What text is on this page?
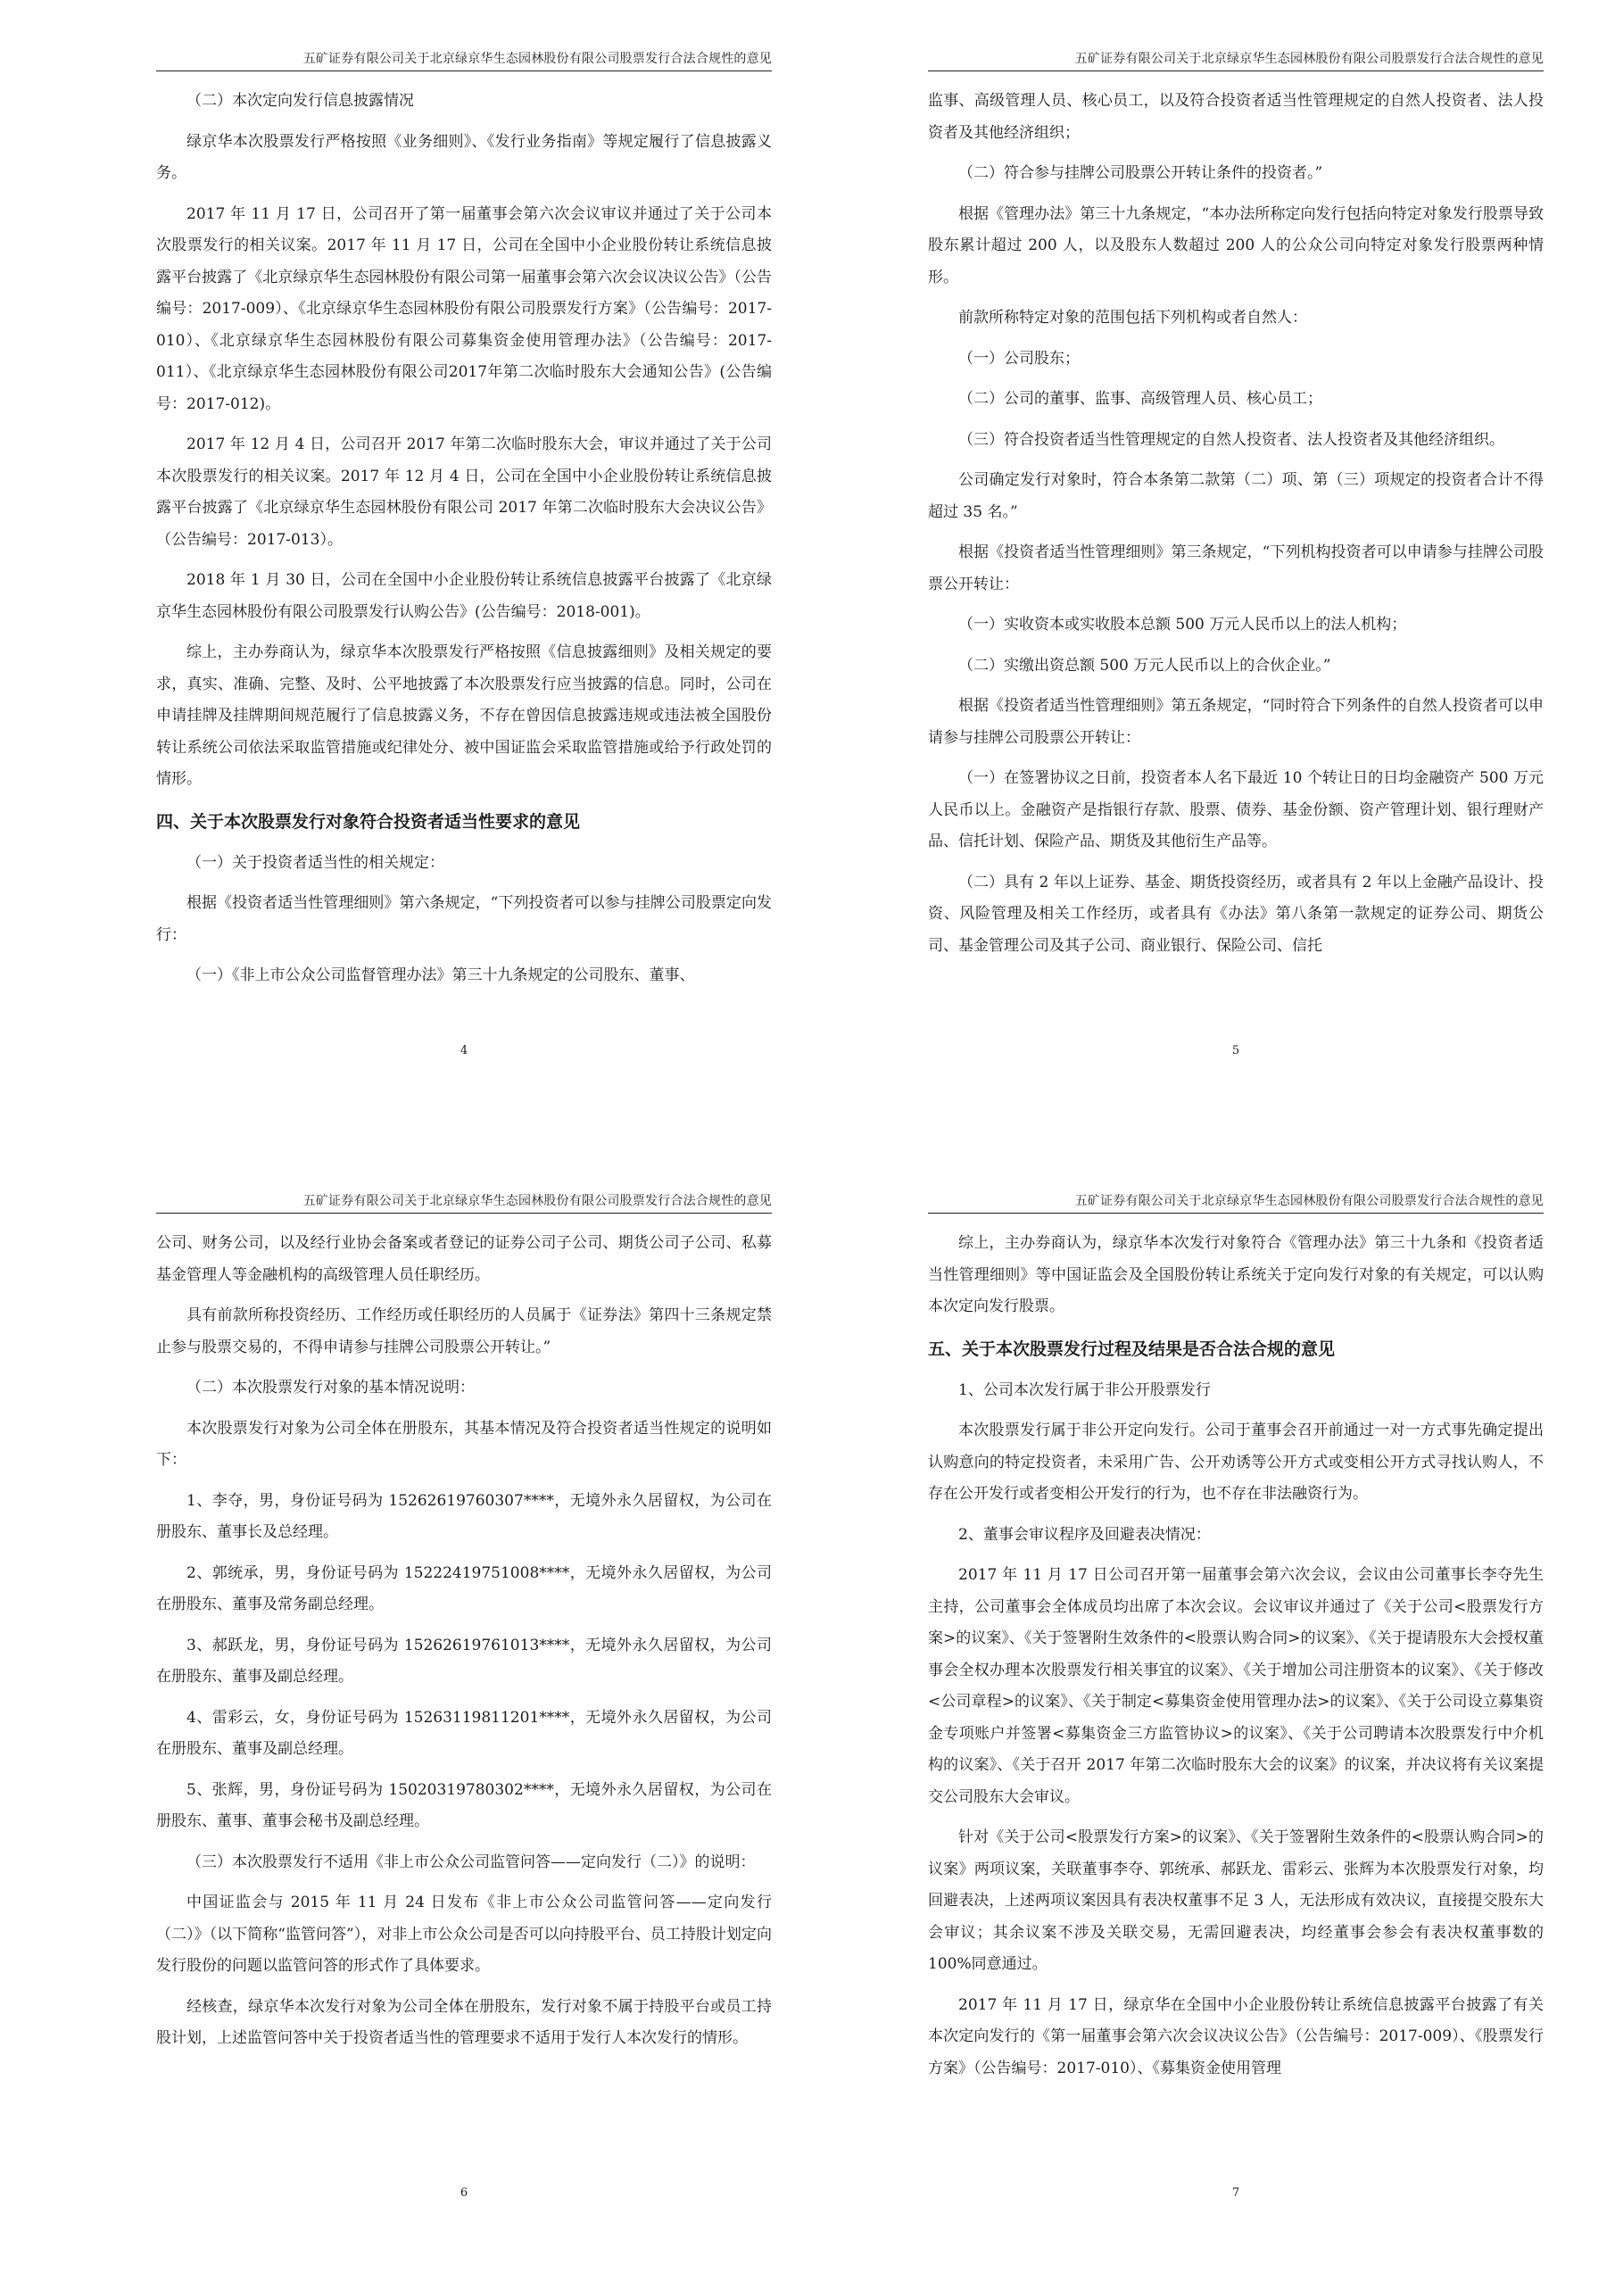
五矿证券有限公司关于北京绿京华生态园林股份有限公司股票发行合法合规性的意见

（二）本次定向发行信息披露情况

绿京华本次股票发行严格按照《业务细则》、《发行业务指南》等规定履行了信息披露义务。

2017 年 11 月 17 日，公司召开了第一届董事会第六次会议审议并通过了关于公司本次股票发行的相关议案。2017 年 11 月 17 日，公司在全国中小企业股份转让系统信息披露平台披露了《北京绿京华生态园林股份有限公司第一届董事会第六次会议决议公告》（公告编号：2017-009）、《北京绿京华生态园林股份有限公司股票发行方案》（公告编号：2017-010）、《北京绿京华生态园林股份有限公司募集资金使用管理办法》（公告编号：2017-011）、《北京绿京华生态园林股份有限公司2017年第二次临时股东大会通知公告》(公告编号：2017-012)。

2017 年 12 月 4 日，公司召开 2017 年第二次临时股东大会，审议并通过了关于公司本次股票发行的相关议案。2017 年 12 月 4 日，公司在全国中小企业股份转让系统信息披露平台披露了《北京绿京华生态园林股份有限公司 2017 年第二次临时股东大会决议公告》（公告编号：2017-013）。

2018 年 1 月 30 日，公司在全国中小企业股份转让系统信息披露平台披露了《北京绿京华生态园林股份有限公司股票发行认购公告》(公告编号：2018-001)。

综上，主办券商认为，绿京华本次股票发行严格按照《信息披露细则》及相关规定的要求，真实、准确、完整、及时、公平地披露了本次股票发行应当披露的信息。同时，公司在申请挂牌及挂牌期间规范履行了信息披露义务，不存在曾因信息披露违规或违法被全国股份转让系统公司依法采取监管措施或纪律处分、被中国证监会采取监管措施或给予行政处罚的情形。

四、关于本次股票发行对象符合投资者适当性要求的意见

（一）关于投资者适当性的相关规定：

根据《投资者适当性管理细则》第六条规定，“下列投资者可以参与挂牌公司股票定向发行：

（一）《非上市公众公司监督管理办法》第三十九条规定的公司股东、董事、

4
五矿证券有限公司关于北京绿京华生态园林股份有限公司股票发行合法合规性的意见

监事、高级管理人员、核心员工，以及符合投资者适当性管理规定的自然人投资者、法人投资者及其他经济组织；

（二）符合参与挂牌公司股票公开转让条件的投资者。”

根据《管理办法》第三十九条规定，“本办法所称定向发行包括向特定对象发行股票导致股东累计超过 200 人，以及股东人数超过 200 人的公众公司向特定对象发行股票两种情形。

前款所称特定对象的范围包括下列机构或者自然人：

（一）公司股东；

（二）公司的董事、监事、高级管理人员、核心员工；

（三）符合投资者适当性管理规定的自然人投资者、法人投资者及其他经济组织。

公司确定发行对象时，符合本条第二款第（二）项、第（三）项规定的投资者合计不得超过 35 名。”

根据《投资者适当性管理细则》第三条规定，“下列机构投资者可以申请参与挂牌公司股票公开转让：

（一）实收资本或实收股本总额 500 万元人民币以上的法人机构；

（二）实缴出资总额 500 万元人民币以上的合伙企业。”

根据《投资者适当性管理细则》第五条规定，“同时符合下列条件的自然人投资者可以申请参与挂牌公司股票公开转让：

（一）在签署协议之日前，投资者本人名下最近 10 个转让日的日均金融资产 500 万元人民币以上。金融资产是指银行存款、股票、债券、基金份额、资产管理计划、银行理财产品、信托计划、保险产品、期货及其他衍生产品等。

（二）具有 2 年以上证券、基金、期货投资经历，或者具有 2 年以上金融产品设计、投资、风险管理及相关工作经历，或者具有《办法》第八条第一款规定的证券公司、期货公司、基金管理公司及其子公司、商业银行、保险公司、信托

5
五矿证券有限公司关于北京绿京华生态园林股份有限公司股票发行合法合规性的意见

公司、财务公司，以及经行业协会备案或者登记的证券公司子公司、期货公司子公司、私募基金管理人等金融机构的高级管理人员任职经历。

具有前款所称投资经历、工作经历或任职经历的人员属于《证券法》第四十三条规定禁止参与股票交易的，不得申请参与挂牌公司股票公开转让。”

（二）本次股票发行对象的基本情况说明：

本次股票发行对象为公司全体在册股东，其基本情况及符合投资者适当性规定的说明如下：

1、李夺，男，身份证号码为 15262619760307****，无境外永久居留权，为公司在册股东、董事长及总经理。

2、郭统承，男，身份证号码为 15222419751008****，无境外永久居留权，为公司在册股东、董事及常务副总经理。

3、郝跃龙，男，身份证号码为 15262619761013****，无境外永久居留权，为公司在册股东、董事及副总经理。

4、雷彩云，女，身份证号码为 15263119811201****，无境外永久居留权，为公司在册股东、董事及副总经理。

5、张辉，男，身份证号码为 15020319780302****，无境外永久居留权，为公司在册股东、董事、董事会秘书及副总经理。

（三）本次股票发行不适用《非上市公众公司监管问答——定向发行（二）》的说明：

中国证监会与 2015 年 11 月 24 日发布《非上市公众公司监管问答——定向发行（二）》（以下简称“监管问答”），对非上市公众公司是否可以向持股平台、员工持股计划定向发行股份的问题以监管问答的形式作了具体要求。

经核查，绿京华本次发行对象为公司全体在册股东，发行对象不属于持股平台或员工持股计划，上述监管问答中关于投资者适当性的管理要求不适用于发行人本次发行的情形。

6
五矿证券有限公司关于北京绿京华生态园林股份有限公司股票发行合法合规性的意见

综上，主办券商认为，绿京华本次发行对象符合《管理办法》第三十九条和《投资者适当性管理细则》等中国证监会及全国股份转让系统关于定向发行对象的有关规定，可以认购本次定向发行股票。

五、关于本次股票发行过程及结果是否合法合规的意见

1、公司本次发行属于非公开股票发行

本次股票发行属于非公开定向发行。公司于董事会召开前通过一对一方式事先确定提出认购意向的特定投资者，未采用广告、公开劝诱等公开方式或变相公开方式寻找认购人，不存在公开发行或者变相公开发行的行为，也不存在非法融资行为。

2、董事会审议程序及回避表决情况：

2017 年 11 月 17 日公司召开第一届董事会第六次会议，会议由公司董事长李夺先生主持，公司董事会全体成员均出席了本次会议。会议审议并通过了《关于公司<股票发行方案>的议案》、《关于签署附生效条件的<股票认购合同>的议案》、《关于提请股东大会授权董事会全权办理本次股票发行相关事宜的议案》、《关于增加公司注册资本的议案》、《关于修改<公司章程>的议案》、《关于制定<募集资金使用管理办法>的议案》、《关于公司设立募集资金专项账户并签署<募集资金三方监管协议>的议案》、《关于公司聘请本次股票发行中介机构的议案》、《关于召开 2017 年第二次临时股东大会的议案》的议案，并决议将有关议案提交公司股东大会审议。

针对《关于公司<股票发行方案>的议案》、《关于签署附生效条件的<股票认购合同>的议案》两项议案，关联董事李夺、郭统承、郝跃龙、雷彩云、张辉为本次股票发行对象，均回避表决，上述两项议案因具有表决权董事不足 3 人，无法形成有效决议，直接提交股东大会审议；其余议案不涉及关联交易，无需回避表决，均经董事会参会有表决权董事数的 100%同意通过。

2017 年 11 月 17 日，绿京华在全国中小企业股份转让系统信息披露平台披露了有关本次定向发行的《第一届董事会第六次会议决议公告》（公告编号：2017-009）、《股票发行方案》（公告编号：2017-010）、《募集资金使用管理

7
